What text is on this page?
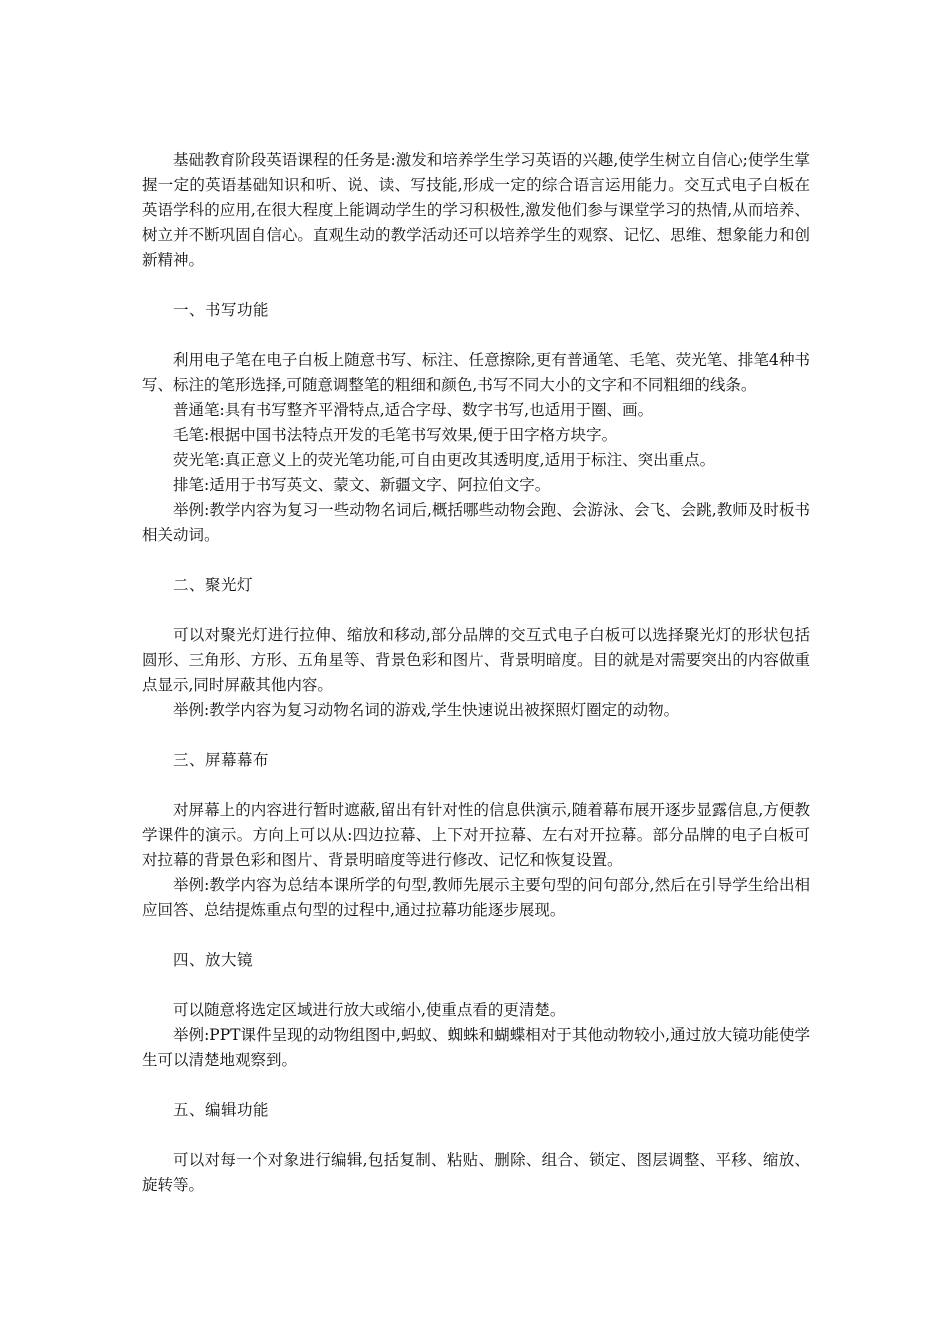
基础教育阶段英语课程的任务是:激发和培养学生学习英语的兴趣,使学生树立自信心;使学生掌握一定的英语基础知识和听、说、读、写技能,形成一定的综合语言运用能力。交互式电子白板在英语学科的应用,在很大程度上能调动学生的学习积极性,激发他们参与课堂学习的热情,从而培养、树立并不断巩固自信心。直观生动的教学活动还可以培养学生的观察、记忆、思维、想象能力和创新精神。

一、书写功能

利用电子笔在电子白板上随意书写、标注、任意擦除,更有普通笔、毛笔、荧光笔、排笔4种书写、标注的笔形选择,可随意调整笔的粗细和颜色,书写不同大小的文字和不同粗细的线条。

普通笔:具有书写整齐平滑特点,适合字母、数字书写,也适用于圈、画。

毛笔:根据中国书法特点开发的毛笔书写效果,便于田字格方块字。

荧光笔:真正意义上的荧光笔功能,可自由更改其透明度,适用于标注、突出重点。

排笔:适用于书写英文、蒙文、新疆文字、阿拉伯文字。

举例:教学内容为复习一些动物名词后,概括哪些动物会跑、会游泳、会飞、会跳,教师及时板书相关动词。

二、聚光灯

可以对聚光灯进行拉伸、缩放和移动,部分品牌的交互式电子白板可以选择聚光灯的形状包括圆形、三角形、方形、五角星等、背景色彩和图片、背景明暗度。目的就是对需要突出的内容做重点显示,同时屏蔽其他内容。

举例:教学内容为复习动物名词的游戏,学生快速说出被探照灯圈定的动物。

三、屏幕幕布

对屏幕上的内容进行暂时遮蔽,留出有针对性的信息供演示,随着幕布展开逐步显露信息,方便教学课件的演示。方向上可以从:四边拉幕、上下对开拉幕、左右对开拉幕。部分品牌的电子白板可对拉幕的背景色彩和图片、背景明暗度等进行修改、记忆和恢复设置。

举例:教学内容为总结本课所学的句型,教师先展示主要句型的问句部分,然后在引导学生给出相应回答、总结提炼重点句型的过程中,通过拉幕功能逐步展现。

四、放大镜

可以随意将选定区域进行放大或缩小,使重点看的更清楚。

举例:PPT课件呈现的动物组图中,蚂蚁、蜘蛛和蝴蝶相对于其他动物较小,通过放大镜功能使学生可以清楚地观察到。

五、编辑功能

可以对每一个对象进行编辑,包括复制、粘贴、删除、组合、锁定、图层调整、平移、缩放、旋转等。
